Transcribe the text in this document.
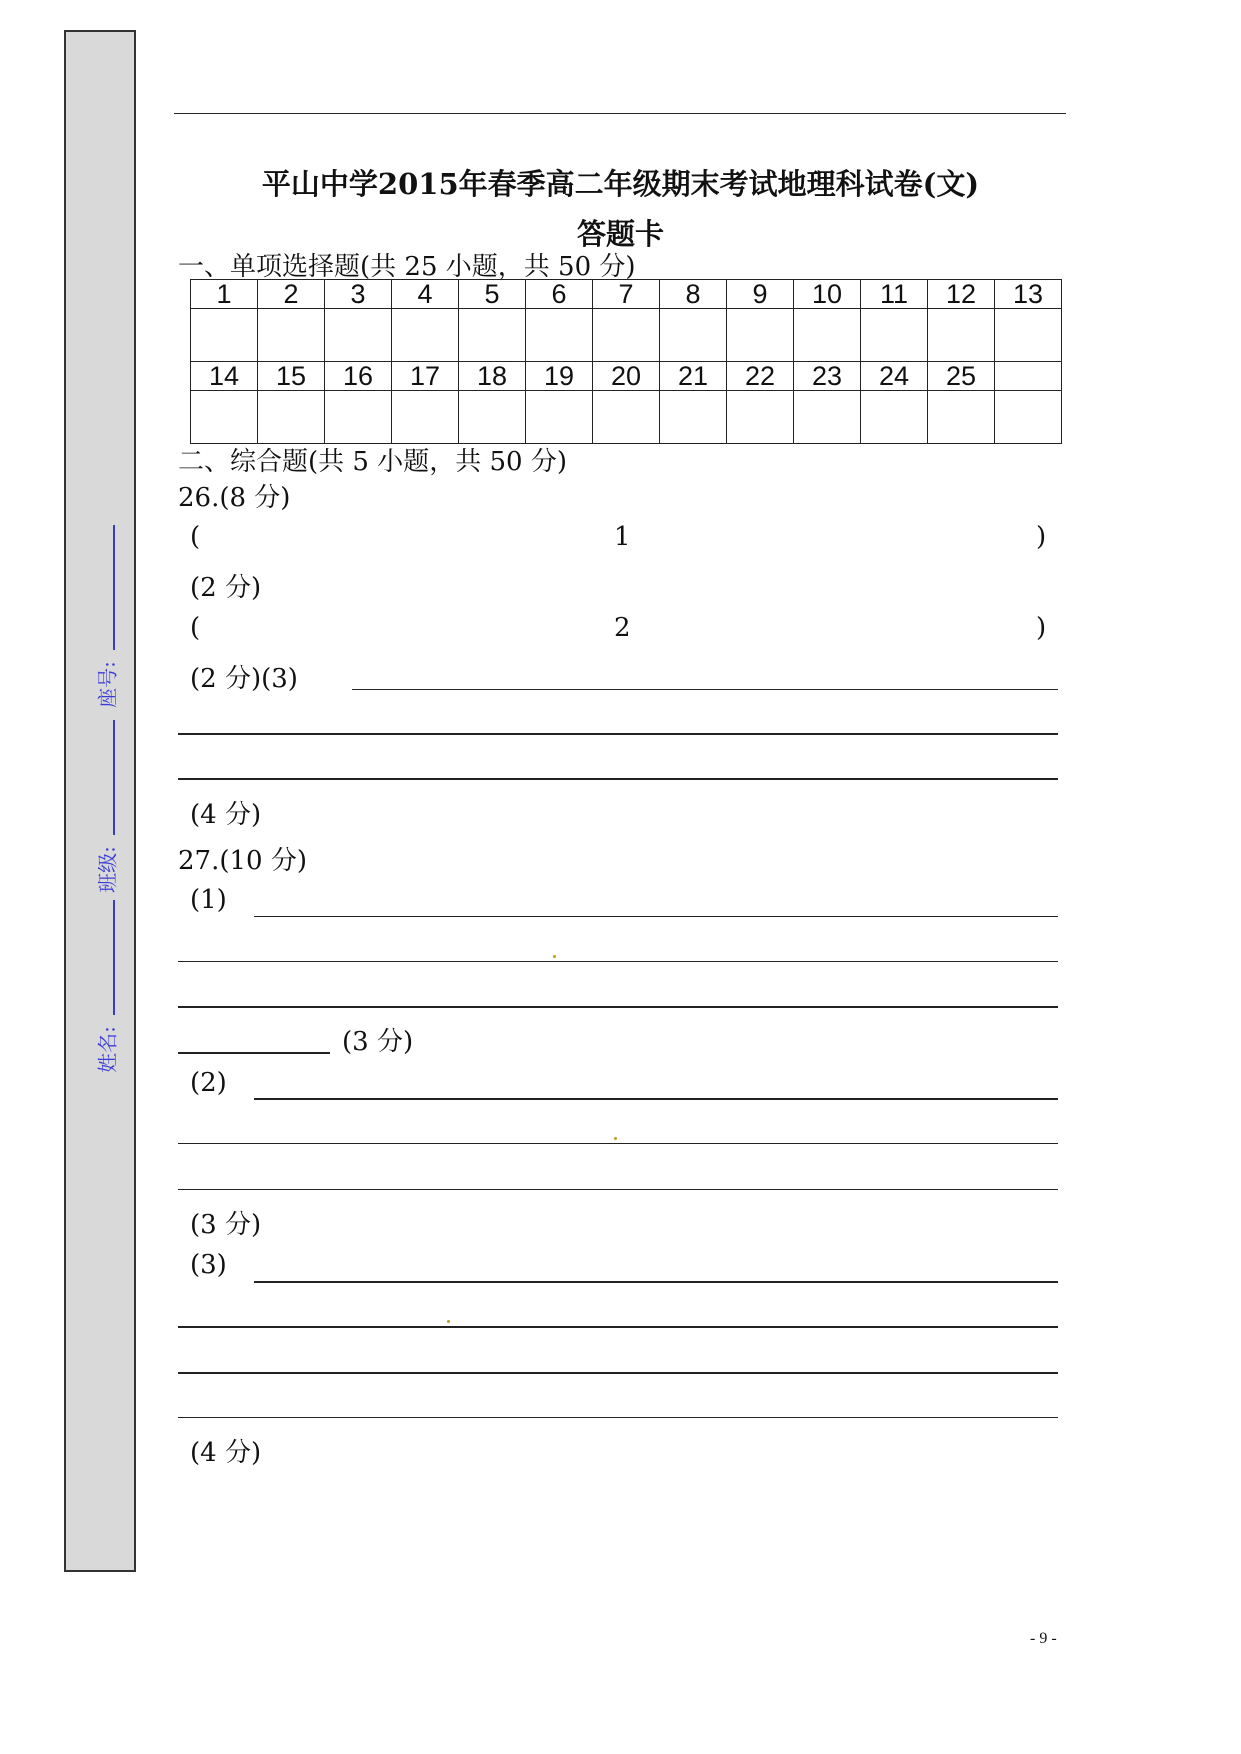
座号:
班级:
姓名:
平山中学2015年春季高二年级期末考试地理科试卷(文)
答题卡
一、单项选择题(共 25 小题，共 50 分)
1	2	3	4	5	6	7	8	9	10	11	12	13

14	15	16	17	18	19	20	21	22	23	24	25	

二、综合题(共 5 小题，共 50 分)
26.(8 分)
(	1	)
(2 分)
(	2	)
(2 分)(3)
(4 分)
27.(10 分)
(1)
(3 分)
(2)
(3 分)
(3)
(4 分)
- 9 -
